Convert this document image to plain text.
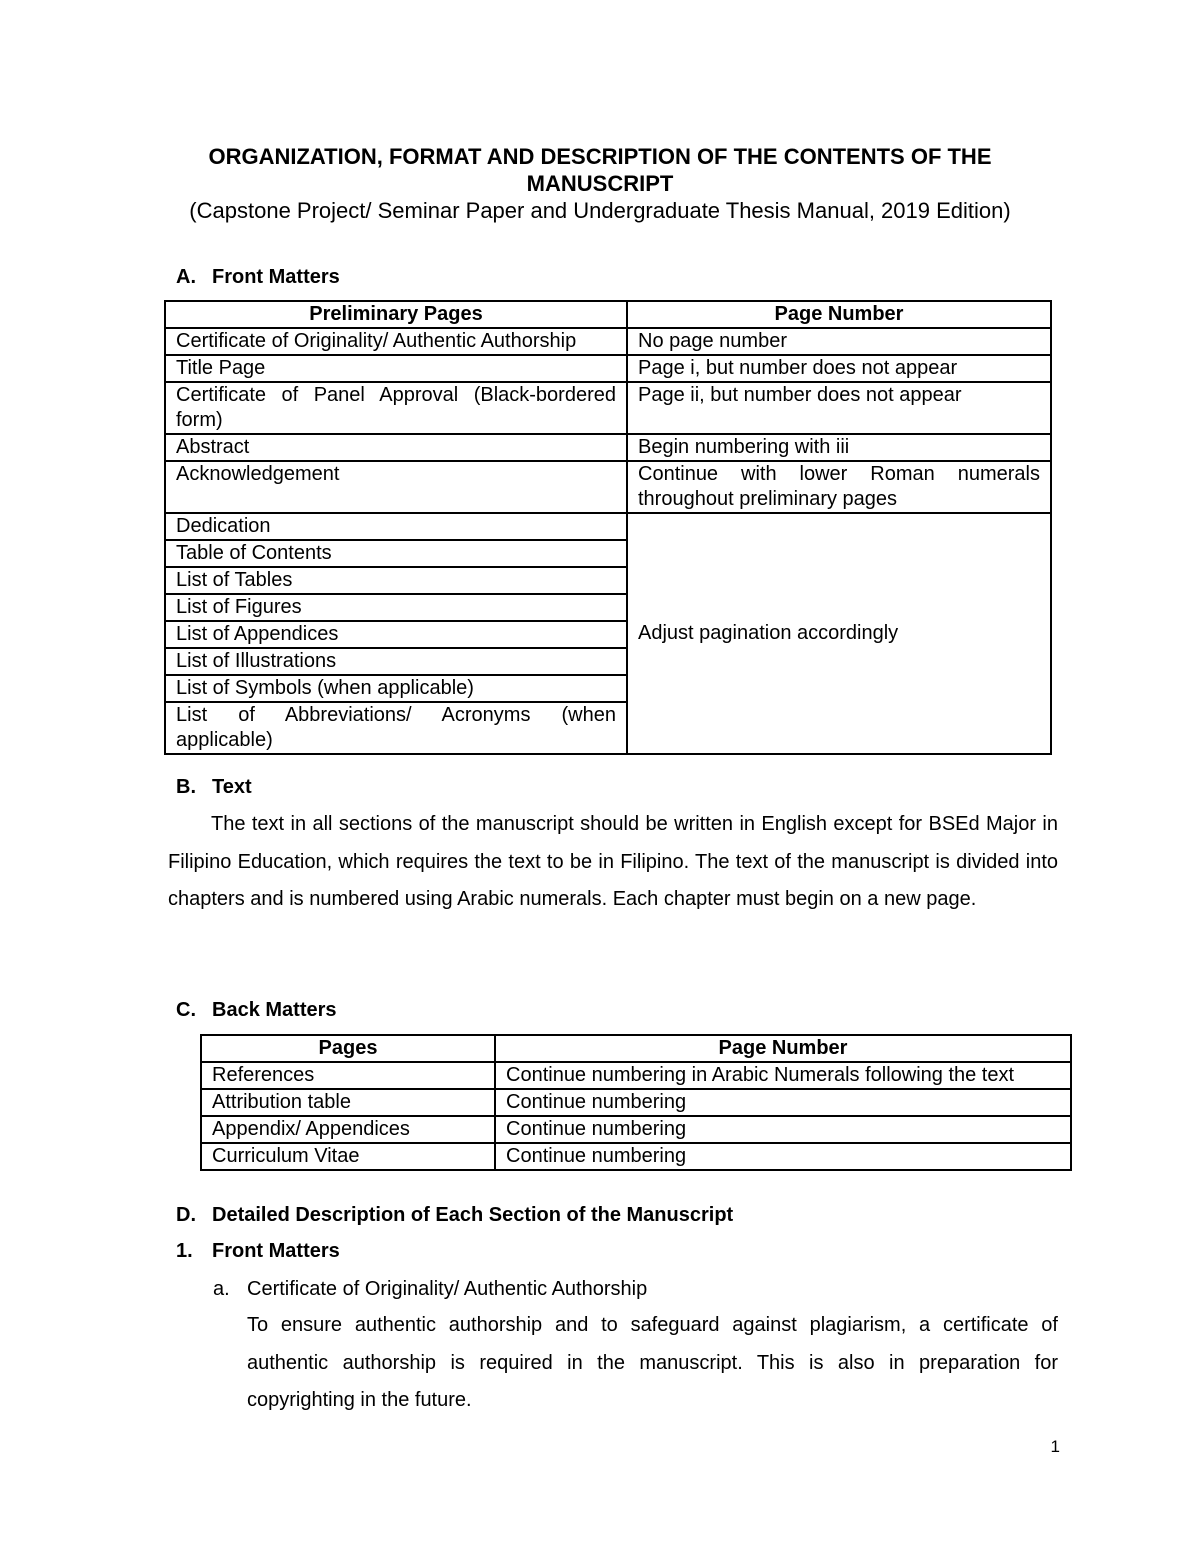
ORGANIZATION, FORMAT AND DESCRIPTION OF THE CONTENTS OF THE
MANUSCRIPT
(Capstone Project/ Seminar Paper and Undergraduate Thesis Manual, 2019 Edition)
A. Front Matters
Preliminary Pages	Page Number
Certificate of Originality/ Authentic Authorship	No page number
Title Page	Page i, but number does not appear
Certificate of Panel Approval (Black-bordered form)	Page ii, but number does not appear
Abstract	Begin numbering with iii
Acknowledgement	Continue with lower Roman numerals throughout preliminary pages
Dedication	Adjust pagination accordingly
Table of Contents	
List of Tables	
List of Figures	
List of Appendices	
List of Illustrations	
List of Symbols (when applicable)	
List of Abbreviations/ Acronyms (when applicable)	
B. Text
The text in all sections of the manuscript should be written in English except for BSEd Major in Filipino Education, which requires the text to be in Filipino. The text of the manuscript is divided into chapters and is numbered using Arabic numerals. Each chapter must begin on a new page.
C. Back Matters
Pages	Page Number
References	Continue numbering in Arabic Numerals following the text
Attribution table	Continue numbering
Appendix/ Appendices	Continue numbering
Curriculum Vitae	Continue numbering
D. Detailed Description of Each Section of the Manuscript
1. Front Matters
a. Certificate of Originality/ Authentic Authorship
To ensure authentic authorship and to safeguard against plagiarism, a certificate of authentic authorship is required in the manuscript. This is also in preparation for copyrighting in the future.
1
